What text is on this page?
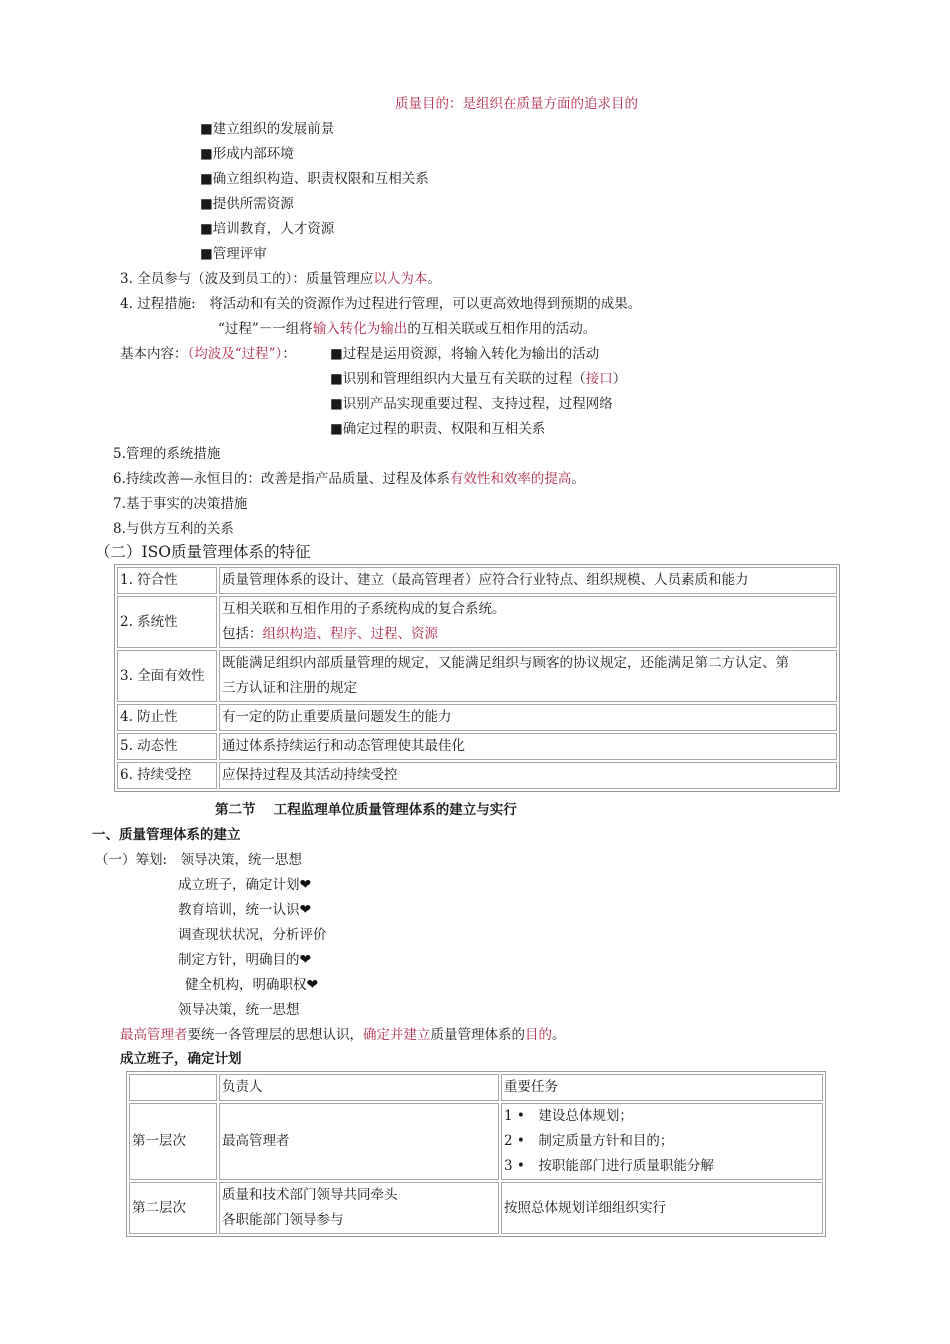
质量目的：是组织在质量方面的追求目的
■建立组织的发展前景
■形成内部环境
■确立组织构造、职责权限和互相关系
■提供所需资源
■培训教育，人才资源
■管理评审
3. 全员参与（波及到员工的）：质量管理应以人为本。
4. 过程措施:　将活动和有关的资源作为过程进行管理，可以更高效地得到预期的成果。
“过程”－一组将输入转化为输出的互相关联或互相作用的活动。
基本内容：（均波及“过程”）：	■过程是运用资源，将输入转化为输出的活动
■识别和管理组织内大量互有关联的过程（接口）
■识别产品实现重要过程、支持过程，过程网络
■确定过程的职责、权限和互相关系
5.管理的系统措施
6.持续改善—永恒目的：改善是指产品质量、过程及体系有效性和效率的提高。
7.基于事实的决策措施
8.与供方互利的关系
（二）ISO质量管理体系的特征
1. 符合性	质量管理体系的设计、建立（最高管理者）应符合行业特点、组织规模、人员素质和能力
2. 系统性	互相关联和互相作用的子系统构成的复合系统。
包括：组织构造、程序、过程、资源

3. 全面有效性	既能满足组织内部质量管理的规定，又能满足组织与顾客的协议规定，还能满足第二方认定、第
三方认证和注册的规定

4. 防止性	有一定的防止重要质量问题发生的能力
5. 动态性	通过体系持续运行和动态管理使其最佳化
6. 持续受控	应保持过程及其活动持续受控
第二节　 工程监理单位质量管理体系的建立与实行
一、质量管理体系的建立
（一）筹划:　领导决策，统一思想
成立班子，确定计划❤
教育培训，统一认识❤
调查现状状况，分析评价
制定方针，明确目的❤
健全机构，明确职权❤
领导决策，统一思想
最高管理者要统一各管理层的思想认识，确定并建立质量管理体系的目的。
成立班子，确定计划
	负责人	重要任务
第一层次	最高管理者	1 •　建设总体规划；
2 •　制定质量方针和目的；
3 •　按职能部门进行质量职能分解

第二层次	质量和技术部门领导共同牵头
各职能部门领导参与	按照总体规划详细组织实行
